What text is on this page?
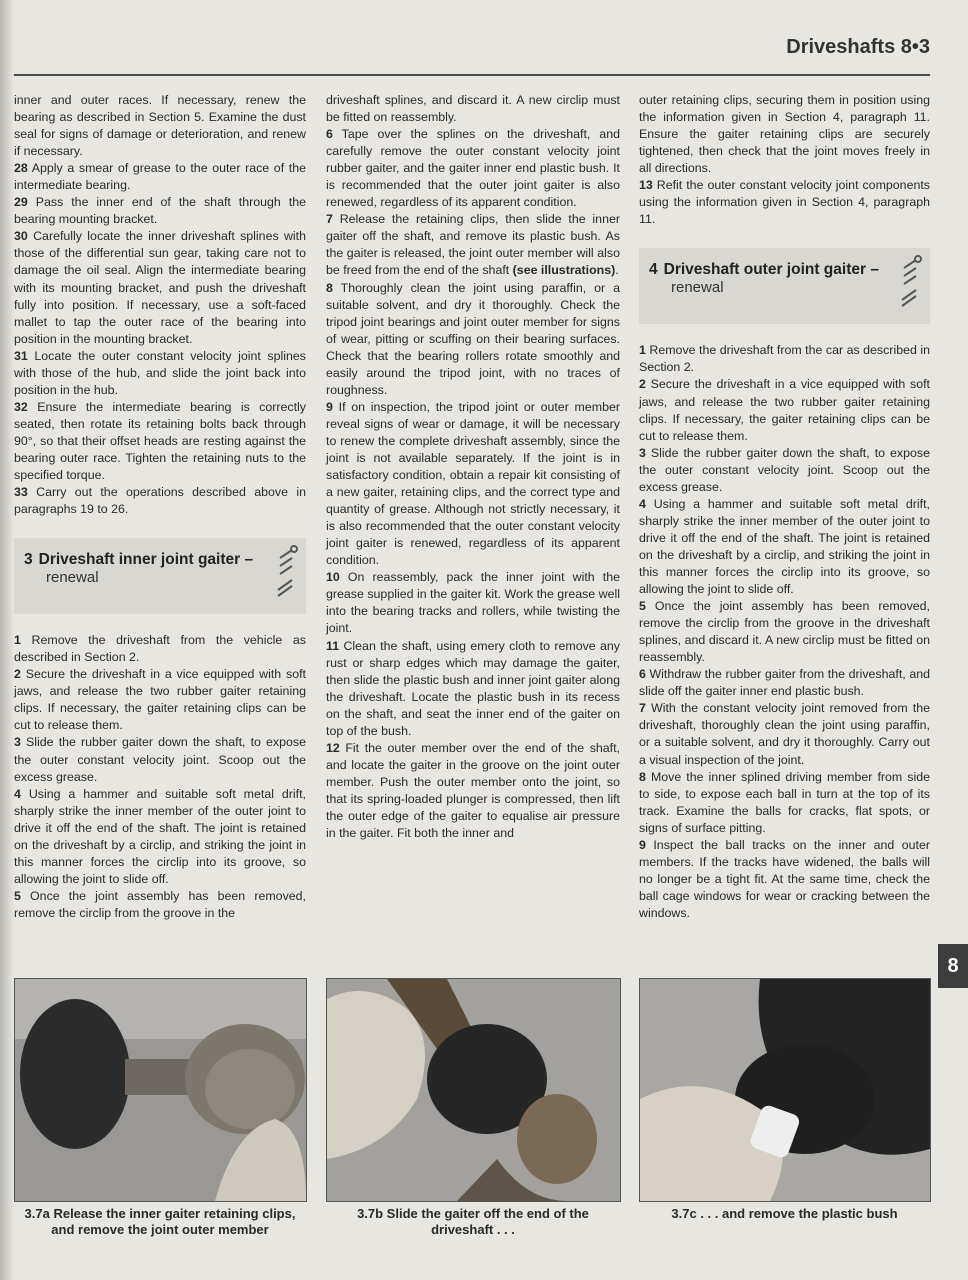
Driveshafts 8•3
8

inner and outer races. If necessary, renew the bearing as described in Section 5. Examine the dust seal for signs of damage or deterioration, and renew if necessary.

28 Apply a smear of grease to the outer race of the intermediate bearing.

29 Pass the inner end of the shaft through the bearing mounting bracket.

30 Carefully locate the inner driveshaft splines with those of the differential sun gear, taking care not to damage the oil seal. Align the intermediate bearing with its mounting bracket, and push the driveshaft fully into position. If necessary, use a soft-faced mallet to tap the outer race of the bearing into position in the mounting bracket.

31 Locate the outer constant velocity joint splines with those of the hub, and slide the joint back into position in the hub.

32 Ensure the intermediate bearing is correctly seated, then rotate its retaining bolts back through 90°, so that their offset heads are resting against the bearing outer race. Tighten the retaining nuts to the specified torque.

33 Carry out the operations described above in paragraphs 19 to 26.

3 Driveshaft inner joint gaiter –
renewal

1 Remove the driveshaft from the vehicle as described in Section 2.

2 Secure the driveshaft in a vice equipped with soft jaws, and release the two rubber gaiter retaining clips. If necessary, the gaiter retaining clips can be cut to release them.

3 Slide the rubber gaiter down the shaft, to expose the outer constant velocity joint. Scoop out the excess grease.

4 Using a hammer and suitable soft metal drift, sharply strike the inner member of the outer joint to drive it off the end of the shaft. The joint is retained on the driveshaft by a circlip, and striking the joint in this manner forces the circlip into its groove, so allowing the joint to slide off.

5 Once the joint assembly has been removed, remove the circlip from the groove in the

driveshaft splines, and discard it. A new circlip must be fitted on reassembly.

6 Tape over the splines on the driveshaft, and carefully remove the outer constant velocity joint rubber gaiter, and the gaiter inner end plastic bush. It is recommended that the outer joint gaiter is also renewed, regardless of its apparent condition.

7 Release the retaining clips, then slide the inner gaiter off the shaft, and remove its plastic bush. As the gaiter is released, the joint outer member will also be freed from the end of the shaft (see illustrations).

8 Thoroughly clean the joint using paraffin, or a suitable solvent, and dry it thoroughly. Check the tripod joint bearings and joint outer member for signs of wear, pitting or scuffing on their bearing surfaces. Check that the bearing rollers rotate smoothly and easily around the tripod joint, with no traces of roughness.

9 If on inspection, the tripod joint or outer member reveal signs of wear or damage, it will be necessary to renew the complete driveshaft assembly, since the joint is not available separately. If the joint is in satisfactory condition, obtain a repair kit consisting of a new gaiter, retaining clips, and the correct type and quantity of grease. Although not strictly necessary, it is also recommended that the outer constant velocity joint gaiter is renewed, regardless of its apparent condition.

10 On reassembly, pack the inner joint with the grease supplied in the gaiter kit. Work the grease well into the bearing tracks and rollers, while twisting the joint.

11 Clean the shaft, using emery cloth to remove any rust or sharp edges which may damage the gaiter, then slide the plastic bush and inner joint gaiter along the driveshaft. Locate the plastic bush in its recess on the shaft, and seat the inner end of the gaiter on top of the bush.

12 Fit the outer member over the end of the shaft, and locate the gaiter in the groove on the joint outer member. Push the outer member onto the joint, so that its spring-loaded plunger is compressed, then lift the outer edge of the gaiter to equalise air pressure in the gaiter. Fit both the inner and

outer retaining clips, securing them in position using the information given in Section 4, paragraph 11. Ensure the gaiter retaining clips are securely tightened, then check that the joint moves freely in all directions.

13 Refit the outer constant velocity joint components using the information given in Section 4, paragraph 11.

4 Driveshaft outer joint gaiter –
renewal

1 Remove the driveshaft from the car as described in Section 2.

2 Secure the driveshaft in a vice equipped with soft jaws, and release the two rubber gaiter retaining clips. If necessary, the gaiter retaining clips can be cut to release them.

3 Slide the rubber gaiter down the shaft, to expose the outer constant velocity joint. Scoop out the excess grease.

4 Using a hammer and suitable soft metal drift, sharply strike the inner member of the outer joint to drive it off the end of the shaft. The joint is retained on the driveshaft by a circlip, and striking the joint in this manner forces the circlip into its groove, so allowing the joint to slide off.

5 Once the joint assembly has been removed, remove the circlip from the groove in the driveshaft splines, and discard it. A new circlip must be fitted on reassembly.

6 Withdraw the rubber gaiter from the driveshaft, and slide off the gaiter inner end plastic bush.

7 With the constant velocity joint removed from the driveshaft, thoroughly clean the joint using paraffin, or a suitable solvent, and dry it thoroughly. Carry out a visual inspection of the joint.

8 Move the inner splined driving member from side to side, to expose each ball in turn at the top of its track. Examine the balls for cracks, flat spots, or signs of surface pitting.

9 Inspect the ball tracks on the inner and outer members. If the tracks have widened, the balls will no longer be a tight fit. At the same time, check the ball cage windows for wear or cracking between the windows.

3.7a Release the inner gaiter retaining clips, and remove the joint outer member
3.7b Slide the gaiter off the end of the driveshaft . . .
3.7c . . . and remove the plastic bush
